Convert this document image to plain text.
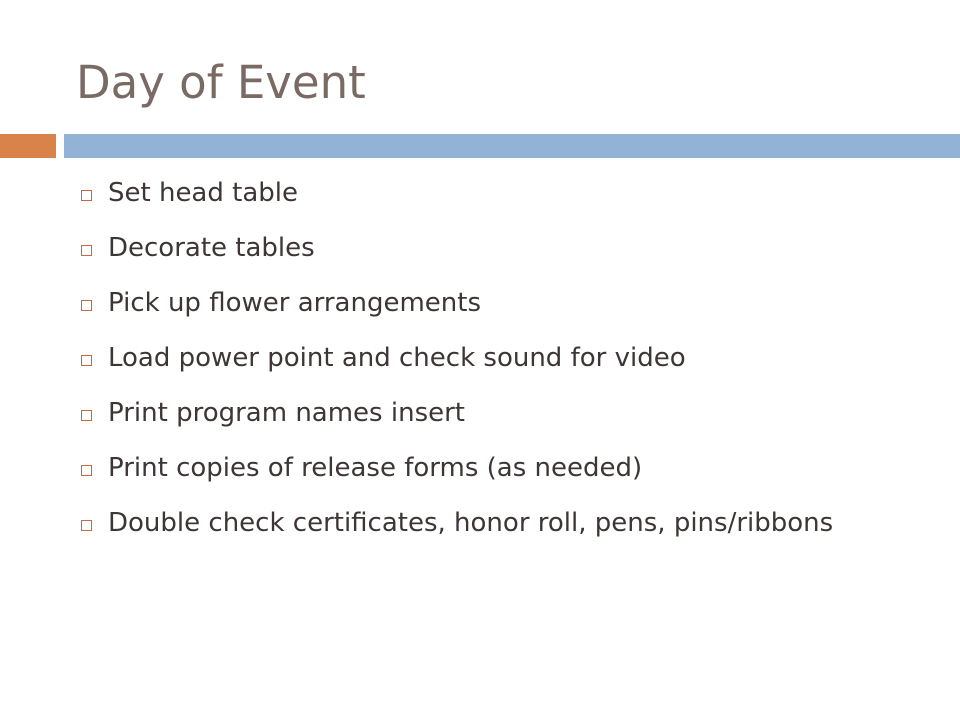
Day of Event
Set head table
Decorate tables
Pick up flower arrangements
Load power point and check sound for video
Print program names insert
Print copies of release forms (as needed)
Double check certificates, honor roll, pens, pins/ribbons
